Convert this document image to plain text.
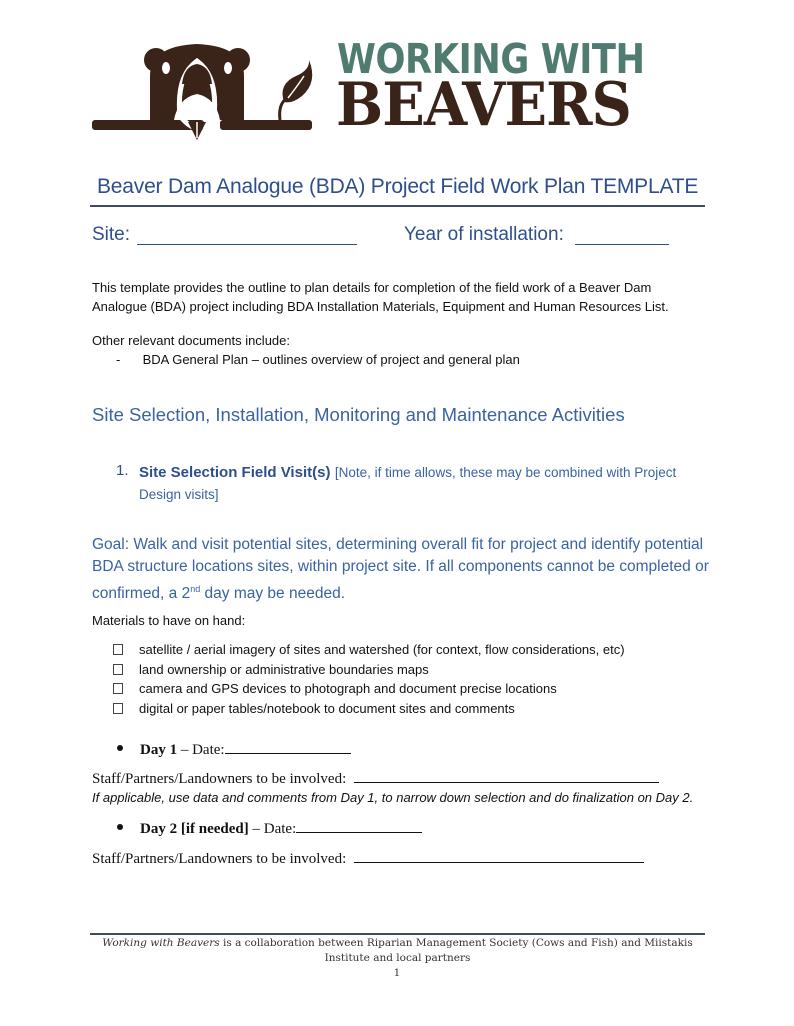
WORKING WITH
BEAVERS
Beaver Dam Analogue (BDA) Project Field Work Plan TEMPLATE
Site:	Year of installation:
This template provides the outline to plan details for completion of the field work of a Beaver Dam Analogue (BDA) project including BDA Installation Materials, Equipment and Human Resources List.
Other relevant documents include:
- BDA General Plan – outlines overview of project and general plan
Site Selection, Installation, Monitoring and Maintenance Activities
1. Site Selection Field Visit(s) [Note, if time allows, these may be combined with Project Design visits]
Goal: Walk and visit potential sites, determining overall fit for project and identify potential BDA structure locations sites, within project site. If all components cannot be completed or confirmed, a 2nd day may be needed.
Materials to have on hand:
satellite / aerial imagery of sites and watershed (for context, flow considerations, etc)
land ownership or administrative boundaries maps
camera and GPS devices to photograph and document precise locations
digital or paper tables/notebook to document sites and comments
Day 1 – Date:
Staff/Partners/Landowners to be involved:
If applicable, use data and comments from Day 1, to narrow down selection and do finalization on Day 2.
Day 2 [if needed] – Date:
Staff/Partners/Landowners to be involved:
Working with Beavers is a collaboration between Riparian Management Society (Cows and Fish) and Miistakis Institute and local partners
1
